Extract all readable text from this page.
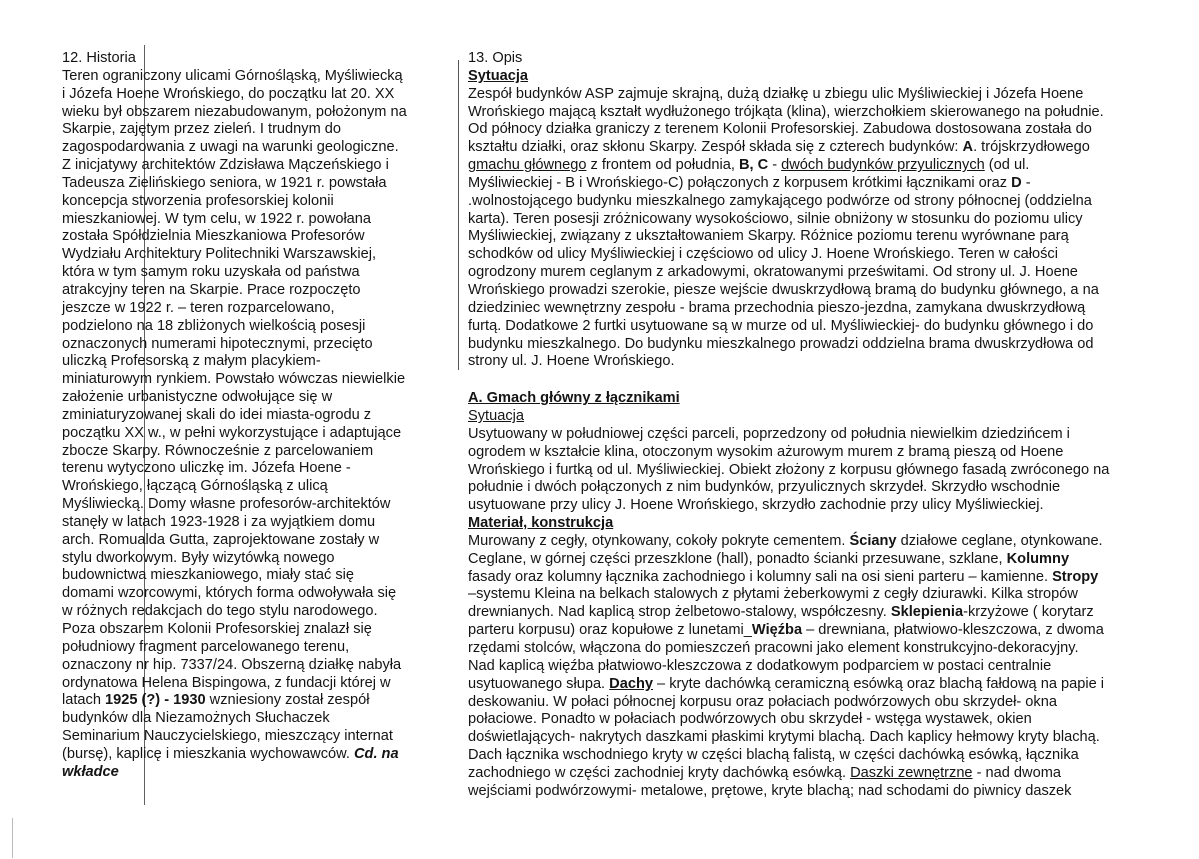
12. Historia
Teren ograniczony ulicami Górnośląską, Myśliwiecką
i Józefa Hoene Wrońskiego, do początku lat 20. XX
wieku był obszarem niezabudowanym, położonym na
Skarpie, zajętym przez zieleń. I trudnym do
zagospodarowania z uwagi na warunki geologiczne.
Z inicjatywy architektów Zdzisława Mączeńskiego i
Tadeusza Zielińskiego seniora, w 1921 r. powstała
koncepcja stworzenia profesorskiej kolonii
mieszkaniowej. W tym celu, w 1922 r. powołana
została Spółdzielnia Mieszkaniowa Profesorów
Wydziału Architektury Politechniki Warszawskiej,
która w tym samym roku uzyskała od państwa
atrakcyjny teren na Skarpie. Prace rozpoczęto
jeszcze w 1922 r. – teren rozparcelowano,
podzielono na 18 zbliżonych wielkością posesji
oznaczonych numerami hipotecznymi, przecięto
uliczką Profesorską z małym placykiem-
miniaturowym rynkiem. Powstało wówczas niewielkie
założenie urbanistyczne odwołujące się w
zminiaturyzowanej skali do idei miasta-ogrodu z
początku XX w., w pełni wykorzystujące i adaptujące
zbocze Skarpy. Równocześnie z parcelowaniem
terenu wytyczono uliczkę im. Józefa Hoene -
Wrońskiego, łączącą Górnośląską z ulicą
Myśliwiecką. Domy własne profesorów-architektów
stanęły w latach 1923-1928 i za wyjątkiem domu
arch. Romualda Gutta, zaprojektowane zostały w
stylu dworkowym. Były wizytówką nowego
budownictwa mieszkaniowego, miały stać się
domami wzorcowymi, których forma odwoływała się
w różnych redakcjach do tego stylu narodowego.
Poza obszarem Kolonii Profesorskiej znalazł się
południowy fragment parcelowanego terenu,
oznaczony nr hip. 7337/24. Obszerną działkę nabyła
ordynatowa Helena Bispingowa, z fundacji której w
latach 1925 (?) - 1930 wzniesiony został zespół
budynków dla Niezamożnych Słuchaczek
Seminarium Nauczycielskiego, mieszczący internat
(bursę), kaplicę i mieszkania wychowawców. Cd. na
wkładce
13. Opis
Sytuacja
Zespół budynków ASP zajmuje skrajną, dużą działkę u zbiegu ulic Myśliwieckiej i Józefa Hoene
Wrońskiego mającą kształt wydłużonego trójkąta (klina), wierzchołkiem skierowanego na południe.
Od północy działka graniczy z terenem Kolonii Profesorskiej. Zabudowa dostosowana została do
kształtu działki, oraz skłonu Skarpy. Zespół składa się z czterech budynków: A. trójskrzydłowego
gmachu głównego z frontem od południa, B, C - dwóch budynków przyulicznych (od ul.
Myśliwieckiej - B i Wrońskiego-C) połączonych z korpusem krótkimi łącznikami oraz D -
.wolnostojącego budynku mieszkalnego zamykającego podwórze od strony północnej (oddzielna
karta). Teren posesji zróżnicowany wysokościowo, silnie obniżony w stosunku do poziomu ulicy
Myśliwieckiej, związany z ukształtowaniem Skarpy. Różnice poziomu terenu wyrównane parą
schodków od ulicy Myśliwieckiej i częściowo od ulicy J. Hoene Wrońskiego. Teren w całości
ogrodzony murem ceglanym z arkadowymi, okratowanymi prześwitami. Od strony ul. J. Hoene
Wrońskiego prowadzi szerokie, piesze wejście dwuskrzydłową bramą do budynku głównego, a na
dziedziniec wewnętrzny zespołu - brama przechodnia pieszo-jezdna, zamykana dwuskrzydłową
furtą. Dodatkowe 2 furtki usytuowane są w murze od ul. Myśliwieckiej- do budynku głównego i do
budynku mieszkalnego. Do budynku mieszkalnego prowadzi oddzielna brama dwuskrzydłowa od
strony ul. J. Hoene Wrońskiego.
A. Gmach główny z łącznikami
Sytuacja
Usytuowany w południowej części parceli, poprzedzony od południa niewielkim dziedzińcem i
ogrodem w kształcie klina, otoczonym wysokim ażurowym murem z bramą pieszą od Hoene
Wrońskiego i furtką od ul. Myśliwieckiej. Obiekt złożony z korpusu głównego fasadą zwróconego na
południe i dwóch połączonych z nim budynków, przyulicznych skrzydeł. Skrzydło wschodnie
usytuowane przy ulicy J. Hoene Wrońskiego, skrzydło zachodnie przy ulicy Myśliwieckiej.
Materiał, konstrukcja
Murowany z cegły, otynkowany, cokoły pokryte cementem. Ściany działowe ceglane, otynkowane.
Ceglane, w górnej części przeszklone (hall), ponadto ścianki przesuwane, szklane, Kolumny
fasady oraz kolumny łącznika zachodniego i kolumny sali na osi sieni parteru – kamienne. Stropy
–systemu Kleina na belkach stalowych z płytami żeberkowymi z cegły dziurawki. Kilka stropów
drewnianych. Nad kaplicą strop żelbetowo-stalowy, współczesny. Sklepienia-krzyżowe ( korytarz
parteru korpusu) oraz kopułowe z lunetami_Więźba – drewniana, płatwiowo-kleszczowa, z dwoma
rzędami stolców, włączona do pomieszczeń pracowni jako element konstrukcyjno-dekoracyjny.
Nad kaplicą więźba płatwiowo-kleszczowa z dodatkowym podparciem w postaci centralnie
usytuowanego słupa. Dachy – kryte dachówką ceramiczną esówką oraz blachą fałdową na papie i
deskowaniu. W połaci północnej korpusu oraz połaciach podwórzowych obu skrzydeł- okna
połaciowe. Ponadto w połaciach podwórzowych obu skrzydeł - wstęga wystawek, okien
doświetlających- nakrytych daszkami płaskimi krytymi blachą. Dach kaplicy hełmowy kryty blachą.
Dach łącznika wschodniego kryty w części blachą falistą, w części dachówką esówką, łącznika
zachodniego w części zachodniej kryty dachówką esówką. Daszki zewnętrzne - nad dwoma
wejściami podwórzowymi- metalowe, prętowe, kryte blachą; nad schodami do piwnicy daszek
